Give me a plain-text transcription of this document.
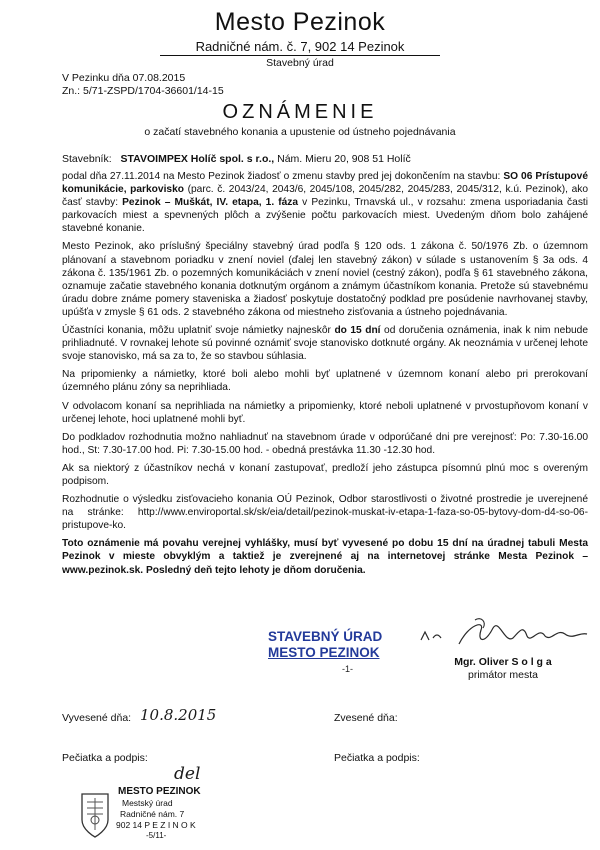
Mesto Pezinok
Radničné nám. č. 7, 902 14 Pezinok
Stavebný úrad
V Pezinku dňa 07.08.2015
Zn.: 5/71-ZSPD/1704-36601/14-15
OZNÁMENIE
o začatí stavebného konania a upustenie od ústneho pojednávania
Stavebník: STAVOIMPEX Holíč spol. s r.o., Nám. Mieru 20, 908 51 Holíč

podal dňa 27.11.2014 na Mesto Pezinok žiadosť o zmenu stavby pred jej dokončením na stavbu: SO 06 Prístupové komunikácie, parkovisko (parc. č. 2043/24, 2043/6, 2045/108, 2045/282, 2045/283, 2045/312, k.ú. Pezinok), ako časť stavby: Pezinok – Muškát, IV. etapa, 1. fáza v Pezinku, Trnavská ul., v rozsahu: zmena usporiadania časti parkovacích miest a spevnených plôch a zvýšenie počtu parkovacích miest. Uvedeným dňom bolo zahájené stavebné konanie.

Mesto Pezinok, ako príslušný špeciálny stavebný úrad podľa § 120 ods. 1 zákona č. 50/1976 Zb. o územnom plánovaní a stavebnom poriadku v znení noviel (ďalej len stavebný zákon) v súlade s ustanovením § 3a ods. 4 zákona č. 135/1961 Zb. o pozemných komunikáciách v znení noviel (cestný zákon), podľa § 61 stavebného zákona, oznamuje začatie stavebného konania dotknutým orgánom a známym účastníkom konania. Pretože sú stavebnému úradu dobre známe pomery staveniska a žiadosť poskytuje dostatočný podklad pre posúdenie navrhovanej stavby, upúšťa v zmysle § 61 ods. 2 stavebného zákona od miestneho zisťovania a ústneho pojednávania.

Účastníci konania, môžu uplatniť svoje námietky najneskôr do 15 dní od doručenia oznámenia, inak k nim nebude prihliadnuté. V rovnakej lehote sú povinné oznámiť svoje stanovisko dotknuté orgány. Ak neoznámia v určenej lehote svoje stanovisko, má sa za to, že so stavbou súhlasia.

Na pripomienky a námietky, ktoré boli alebo mohli byť uplatnené v územnom konaní alebo pri prerokovaní územného plánu zóny sa neprihliada.

V odvolacom konaní sa neprihliada na námietky a pripomienky, ktoré neboli uplatnené v prvostupňovom konaní v určenej lehote, hoci uplatnené mohli byť.

Do podkladov rozhodnutia možno nahliadnuť na stavebnom úrade v odporúčané dni pre verejnosť: Po: 7.30-16.00 hod., St: 7.30-17.00 hod. Pi: 7.30-15.00 hod. - obedná prestávka 11.30 -12.30 hod.

Ak sa niektorý z účastníkov nechá v konaní zastupovať, predloží jeho zástupca písomnú plnú moc s overeným podpisom.

Rozhodnutie o výsledku zisťovacieho konania OÚ Pezinok, Odbor starostlivosti o životné prostredie je uverejnené na stránke: http://www.enviroportal.sk/sk/eia/detail/pezinok-muskat-iv-etapa-1-faza-so-05-bytovy-dom-d4-so-06-pristupove-ko.

Toto oznámenie má povahu verejnej vyhlášky, musí byť vyvesené po dobu 15 dní na úradnej tabuli Mesta Pezinok v mieste obvyklým a taktiež je zverejnené aj na internetovej stránke Mesta Pezinok – www.pezinok.sk. Posledný deň tejto lehoty je dňom doručenia.

STAVEBNÝ ÚRAD
MESTO PEZINOK
-1-
Mgr. Oliver S o l g a
primátor mesta
Vyvesené dňa: 10.8.2015	Zvesené dňa:
Pečiatka a podpis:	Pečiatka a podpis:
del
MESTO PEZINOK
Mestský úrad
Radničné nám. 7
902 14 P E Z I N O K
-5/11-
